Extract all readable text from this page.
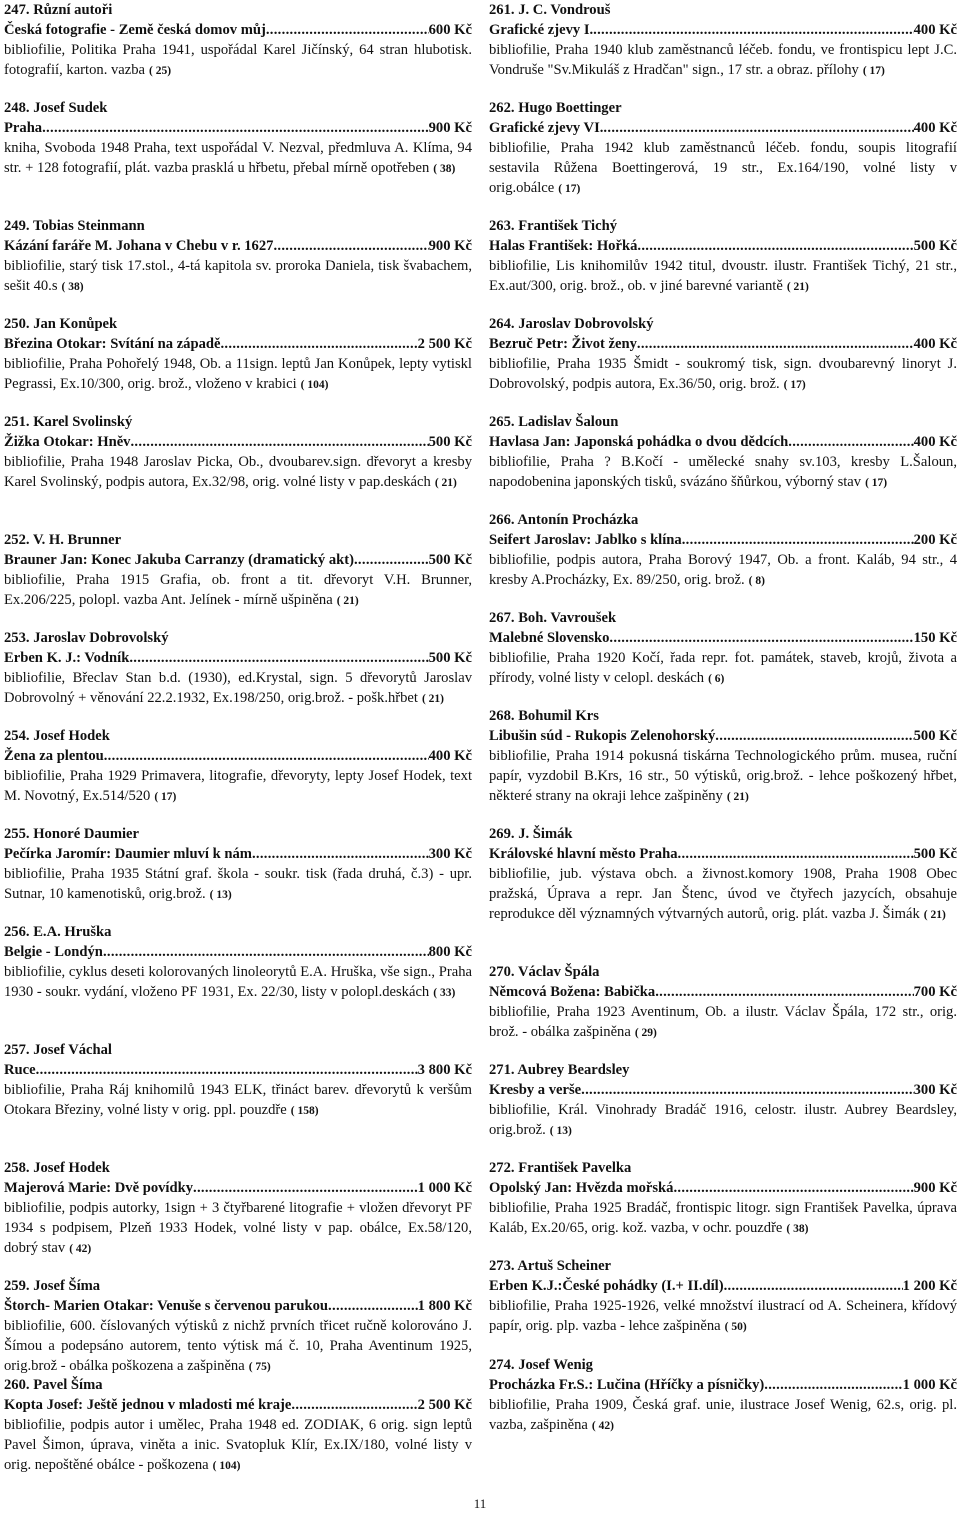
247. Různí autoři
Česká fotografie - Země česká domov můj .....	600 Kč
bibliofilie, Politika Praha 1941, uspořádal Karel Jičínský, 64 stran hlubotisk. fotografií, karton. vazba ( 25)
248. Josef Sudek
Praha .....	900 Kč
kniha, Svoboda 1948 Praha, text uspořádal V. Nezval, předmluva A. Klíma, 94 str. + 128 fotografií, plát. vazba prasklá u hřbetu, přebal mírně opotřeben ( 38)
249. Tobias Steinmann
Kázání faráře M. Johana v Chebu v r. 1627 .....	900 Kč
bibliofilie, starý tisk 17.stol., 4-tá kapitola sv. proroka Daniela, tisk švabachem, sešit 40.s ( 38)
250. Jan Konůpek
Březina Otokar: Svítání na západě .....	2 500 Kč
bibliofilie, Praha Pohořelý 1948, Ob. a 11sign. leptů Jan Konůpek, lepty vytiskl Pegrassi, Ex.10/300, orig. brož., vloženo v krabici ( 104)
251. Karel Svolinský
Žižka Otokar: Hněv .....	500 Kč
bibliofilie, Praha 1948 Jaroslav Picka, Ob., dvoubarev.sign. dřevoryt a kresby Karel Svolinský, podpis autora, Ex.32/98, orig. volné listy v pap.deskách ( 21)
252. V. H. Brunner
Brauner Jan: Konec Jakuba Carranzy (dramatický akt) .....	500 Kč
bibliofilie, Praha 1915 Grafia, ob. front a tit. dřevoryt V.H. Brunner, Ex.206/225, polopl. vazba Ant. Jelínek - mírně ušpiněna ( 21)
253. Jaroslav Dobrovolský
Erben K. J.: Vodník .....	500 Kč
bibliofilie, Břeclav Stan b.d. (1930), ed.Krystal, sign. 5 dřevorytů Jaroslav Dobrovolný + věnování 22.2.1932, Ex.198/250, orig.brož. - pošk.hřbet ( 21)
254. Josef Hodek
Žena za plentou .....	400 Kč
bibliofilie, Praha 1929 Primavera, litografie, dřevoryty, lepty Josef Hodek, text M. Novotný, Ex.514/520 ( 17)
255. Honoré Daumier
Pečírka Jaromír: Daumier mluví k nám .....	300 Kč
bibliofilie, Praha 1935 Státní graf. škola - soukr. tisk (řada druhá, č.3) - upr. Sutnar, 10 kamenotisků, orig.brož. ( 13)
256. E.A. Hruška
Belgie - Londýn .....	800 Kč
bibliofilie, cyklus deseti kolorovaných linoleorytů E.A. Hruška, vše sign., Praha 1930 - soukr. vydání, vloženo PF 1931, Ex. 22/30, listy v polopl.deskách ( 33)
257. Josef Váchal
Ruce .....	3 800 Kč
bibliofilie, Praha Ráj knihomilů 1943 ELK, třináct barev. dřevorytů k veršům Otokara Březiny, volné listy v orig. ppl. pouzdře ( 158)
258. Josef Hodek
Majerová Marie: Dvě povídky .....	1 000 Kč
bibliofilie, podpis autorky, 1sign + 3 čtyřbarené litografie + vložen dřevoryt PF 1934 s podpisem, Plzeň 1933 Hodek, volné listy v pap. obálce, Ex.58/120, dobrý stav ( 42)
259. Josef Šíma
Štorch- Marien Otakar: Venuše s červenou parukou .....	1 800 Kč
bibliofilie, 600. číslovaných výtisků z nichž prvních třicet ručně kolorováno J. Šímou a podepsáno autorem, tento výtisk má č. 10, Praha Aventinum 1925, orig.brož - obálka poškozena a zašpiněna ( 75)
260. Pavel Šíma
Kopta Josef: Ještě jednou v mladosti mé kraje .....	2 500 Kč
bibliofilie, podpis autor i umělec, Praha 1948 ed. ZODIAK, 6 orig. sign leptů Pavel Šimon, úprava, viněta a inic. Svatopluk Klír, Ex.IX/180, volné listy v orig. nepoštěné obálce - poškozena ( 104)
261. J. C. Vondrouš
Grafické zjevy I. .....	400 Kč
bibliofilie, Praha 1940 klub zaměstnanců léčeb. fondu, ve frontispicu lept J.C. Vondruše "Sv.Mikuláš z Hradčan" sign., 17 str. a obraz. přílohy ( 17)
262. Hugo Boettinger
Grafické zjevy VI. .....	400 Kč
bibliofilie, Praha 1942 klub zaměstnanců léčeb. fondu, soupis litografií sestavila Růžena Boettingerová, 19 str., Ex.164/190, volné listy v orig.obálce ( 17)
263. František Tichý
Halas František: Hořká .....	500 Kč
bibliofilie, Lis knihomilův 1942 titul, dvoustr. ilustr. František Tichý, 21 str., Ex.aut/300, orig. brož., ob. v jiné barevné variantě ( 21)
264. Jaroslav Dobrovolský
Bezruč Petr: Život ženy .....	400 Kč
bibliofilie, Praha 1935 Šmidt - soukromý tisk, sign. dvoubarevný linoryt J. Dobrovolský, podpis autora, Ex.36/50, orig. brož. ( 17)
265. Ladislav Šaloun
Havlasa Jan: Japonská pohádka o dvou dědcích .....	400 Kč
bibliofilie, Praha ? B.Kočí - umělecké snahy sv.103, kresby L.Šaloun, napodobenina japonských tisků, svázáno šňůrkou, výborný stav ( 17)
266. Antonín Procházka
Seifert Jaroslav: Jablko s klína .....	200 Kč
bibliofilie, podpis autora, Praha Borový 1947, Ob. a front. Kaláb, 94 str., 4 kresby A.Procházky, Ex. 89/250, orig. brož. ( 8)
267. Boh. Vavroušek
Malebné Slovensko .....	150 Kč
bibliofilie, Praha 1920 Kočí, řada repr. fot. památek, staveb, krojů, života a přírody, volné listy v celopl. deskách ( 6)
268. Bohumil Krs
Libušin súd - Rukopis Zelenohorský .....	500 Kč
bibliofilie, Praha 1914 pokusná tiskárna Technologického prům. musea, ruční papír, vyzdobil B.Krs, 16 str., 50 výtisků, orig.brož. - lehce poškozený hřbet, některé strany na okraji lehce zašpiněny ( 21)
269. J. Šimák
Královské hlavní město Praha .....	500 Kč
bibliofilie, jub. výstava obch. a živnost.komory 1908, Praha 1908 Obec pražská, Úprava a repr. Jan Štenc, úvod ve čtyřech jazycích, obsahuje reprodukce děl významných výtvarných autorů, orig. plát. vazba J. Šimák ( 21)
270. Václav Špála
Němcová Božena: Babička .....	700 Kč
bibliofilie, Praha 1923 Aventinum, Ob. a ilustr. Václav Špála, 172 str., orig. brož. - obálka zašpiněna ( 29)
271. Aubrey Beardsley
Kresby a verše .....	300 Kč
bibliofilie, Král. Vinohrady Bradáč 1916, celostr. ilustr. Aubrey Beardsley, orig.brož. ( 13)
272. František Pavelka
Opolský Jan: Hvězda mořská .....	900 Kč
bibliofilie, Praha 1925 Bradáč, frontispic litogr. sign František Pavelka, úprava Kaláb, Ex.20/65, orig. kož. vazba, v ochr. pouzdře ( 38)
273. Artuš Scheiner
Erben K.J.:České pohádky (I.+ II.díl) .....	1 200 Kč
bibliofilie, Praha 1925-1926, velké množství ilustrací od A. Scheinera, křídový papír, orig. plp. vazba - lehce zašpiněna ( 50)
274. Josef Wenig
Procházka Fr.S.: Lučina (Hříčky a písničky) .....	1 000 Kč
bibliofilie, Praha 1909, Česká graf. unie, ilustrace Josef Wenig, 62.s, orig. pl. vazba, zašpiněna ( 42)
11
